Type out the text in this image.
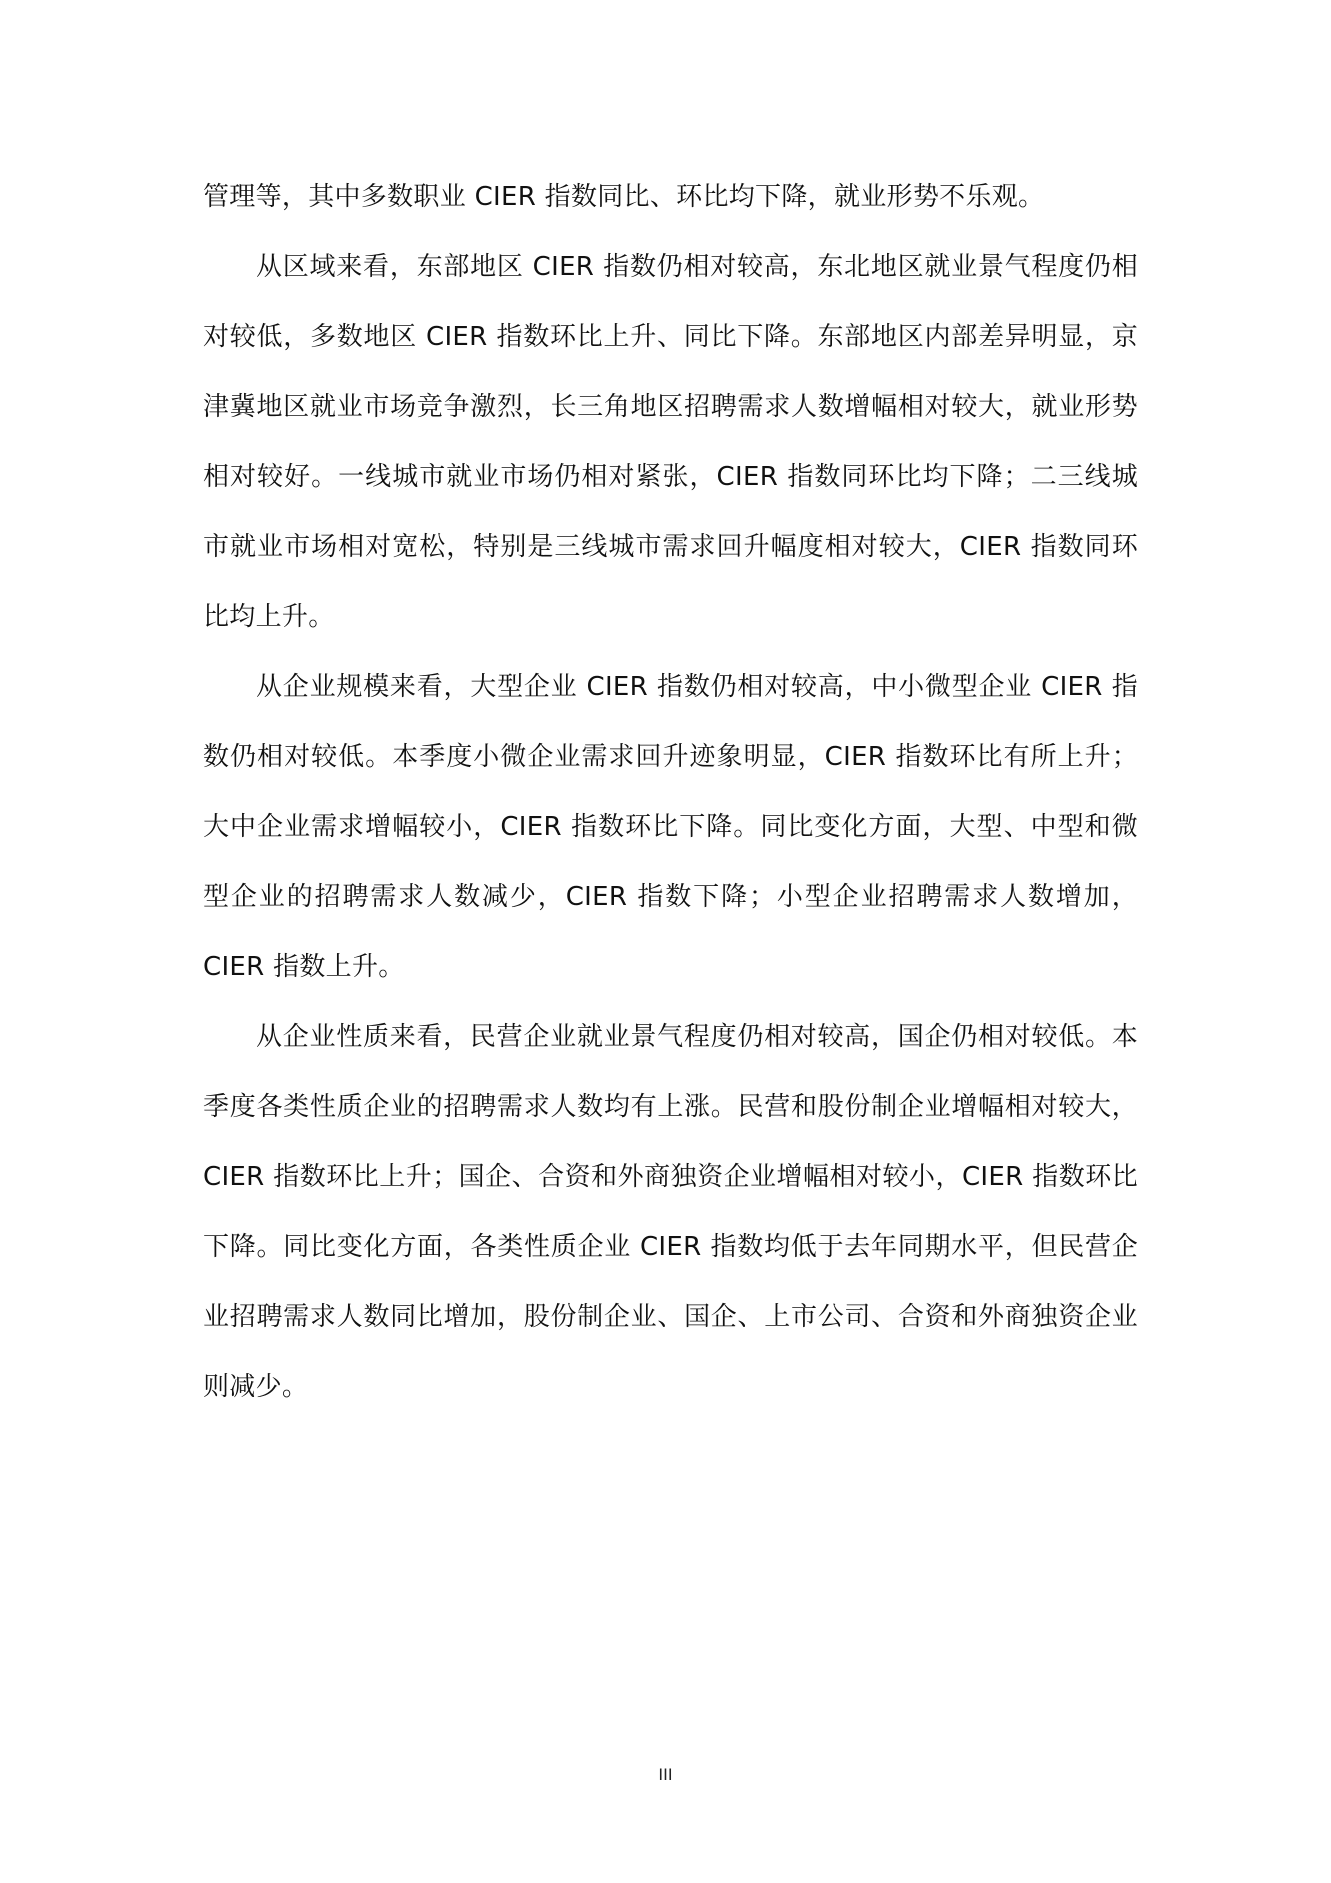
管理等，其中多数职业 CIER 指数同比、环比均下降，就业形势不乐观。

从区域来看，东部地区 CIER 指数仍相对较高，东北地区就业景气程度仍相对较低，多数地区 CIER 指数环比上升、同比下降。东部地区内部差异明显，京津冀地区就业市场竞争激烈，长三角地区招聘需求人数增幅相对较大，就业形势相对较好。一线城市就业市场仍相对紧张，CIER 指数同环比均下降；二三线城市就业市场相对宽松，特别是三线城市需求回升幅度相对较大，CIER 指数同环比均上升。

从企业规模来看，大型企业 CIER 指数仍相对较高，中小微型企业 CIER 指数仍相对较低。本季度小微企业需求回升迹象明显，CIER 指数环比有所上升；大中企业需求增幅较小，CIER 指数环比下降。同比变化方面，大型、中型和微型企业的招聘需求人数减少，CIER 指数下降；小型企业招聘需求人数增加，CIER 指数上升。

从企业性质来看，民营企业就业景气程度仍相对较高，国企仍相对较低。本季度各类性质企业的招聘需求人数均有上涨。民营和股份制企业增幅相对较大，CIER 指数环比上升；国企、合资和外商独资企业增幅相对较小，CIER 指数环比下降。同比变化方面，各类性质企业 CIER 指数均低于去年同期水平，但民营企业招聘需求人数同比增加，股份制企业、国企、上市公司、合资和外商独资企业则减少。

III
